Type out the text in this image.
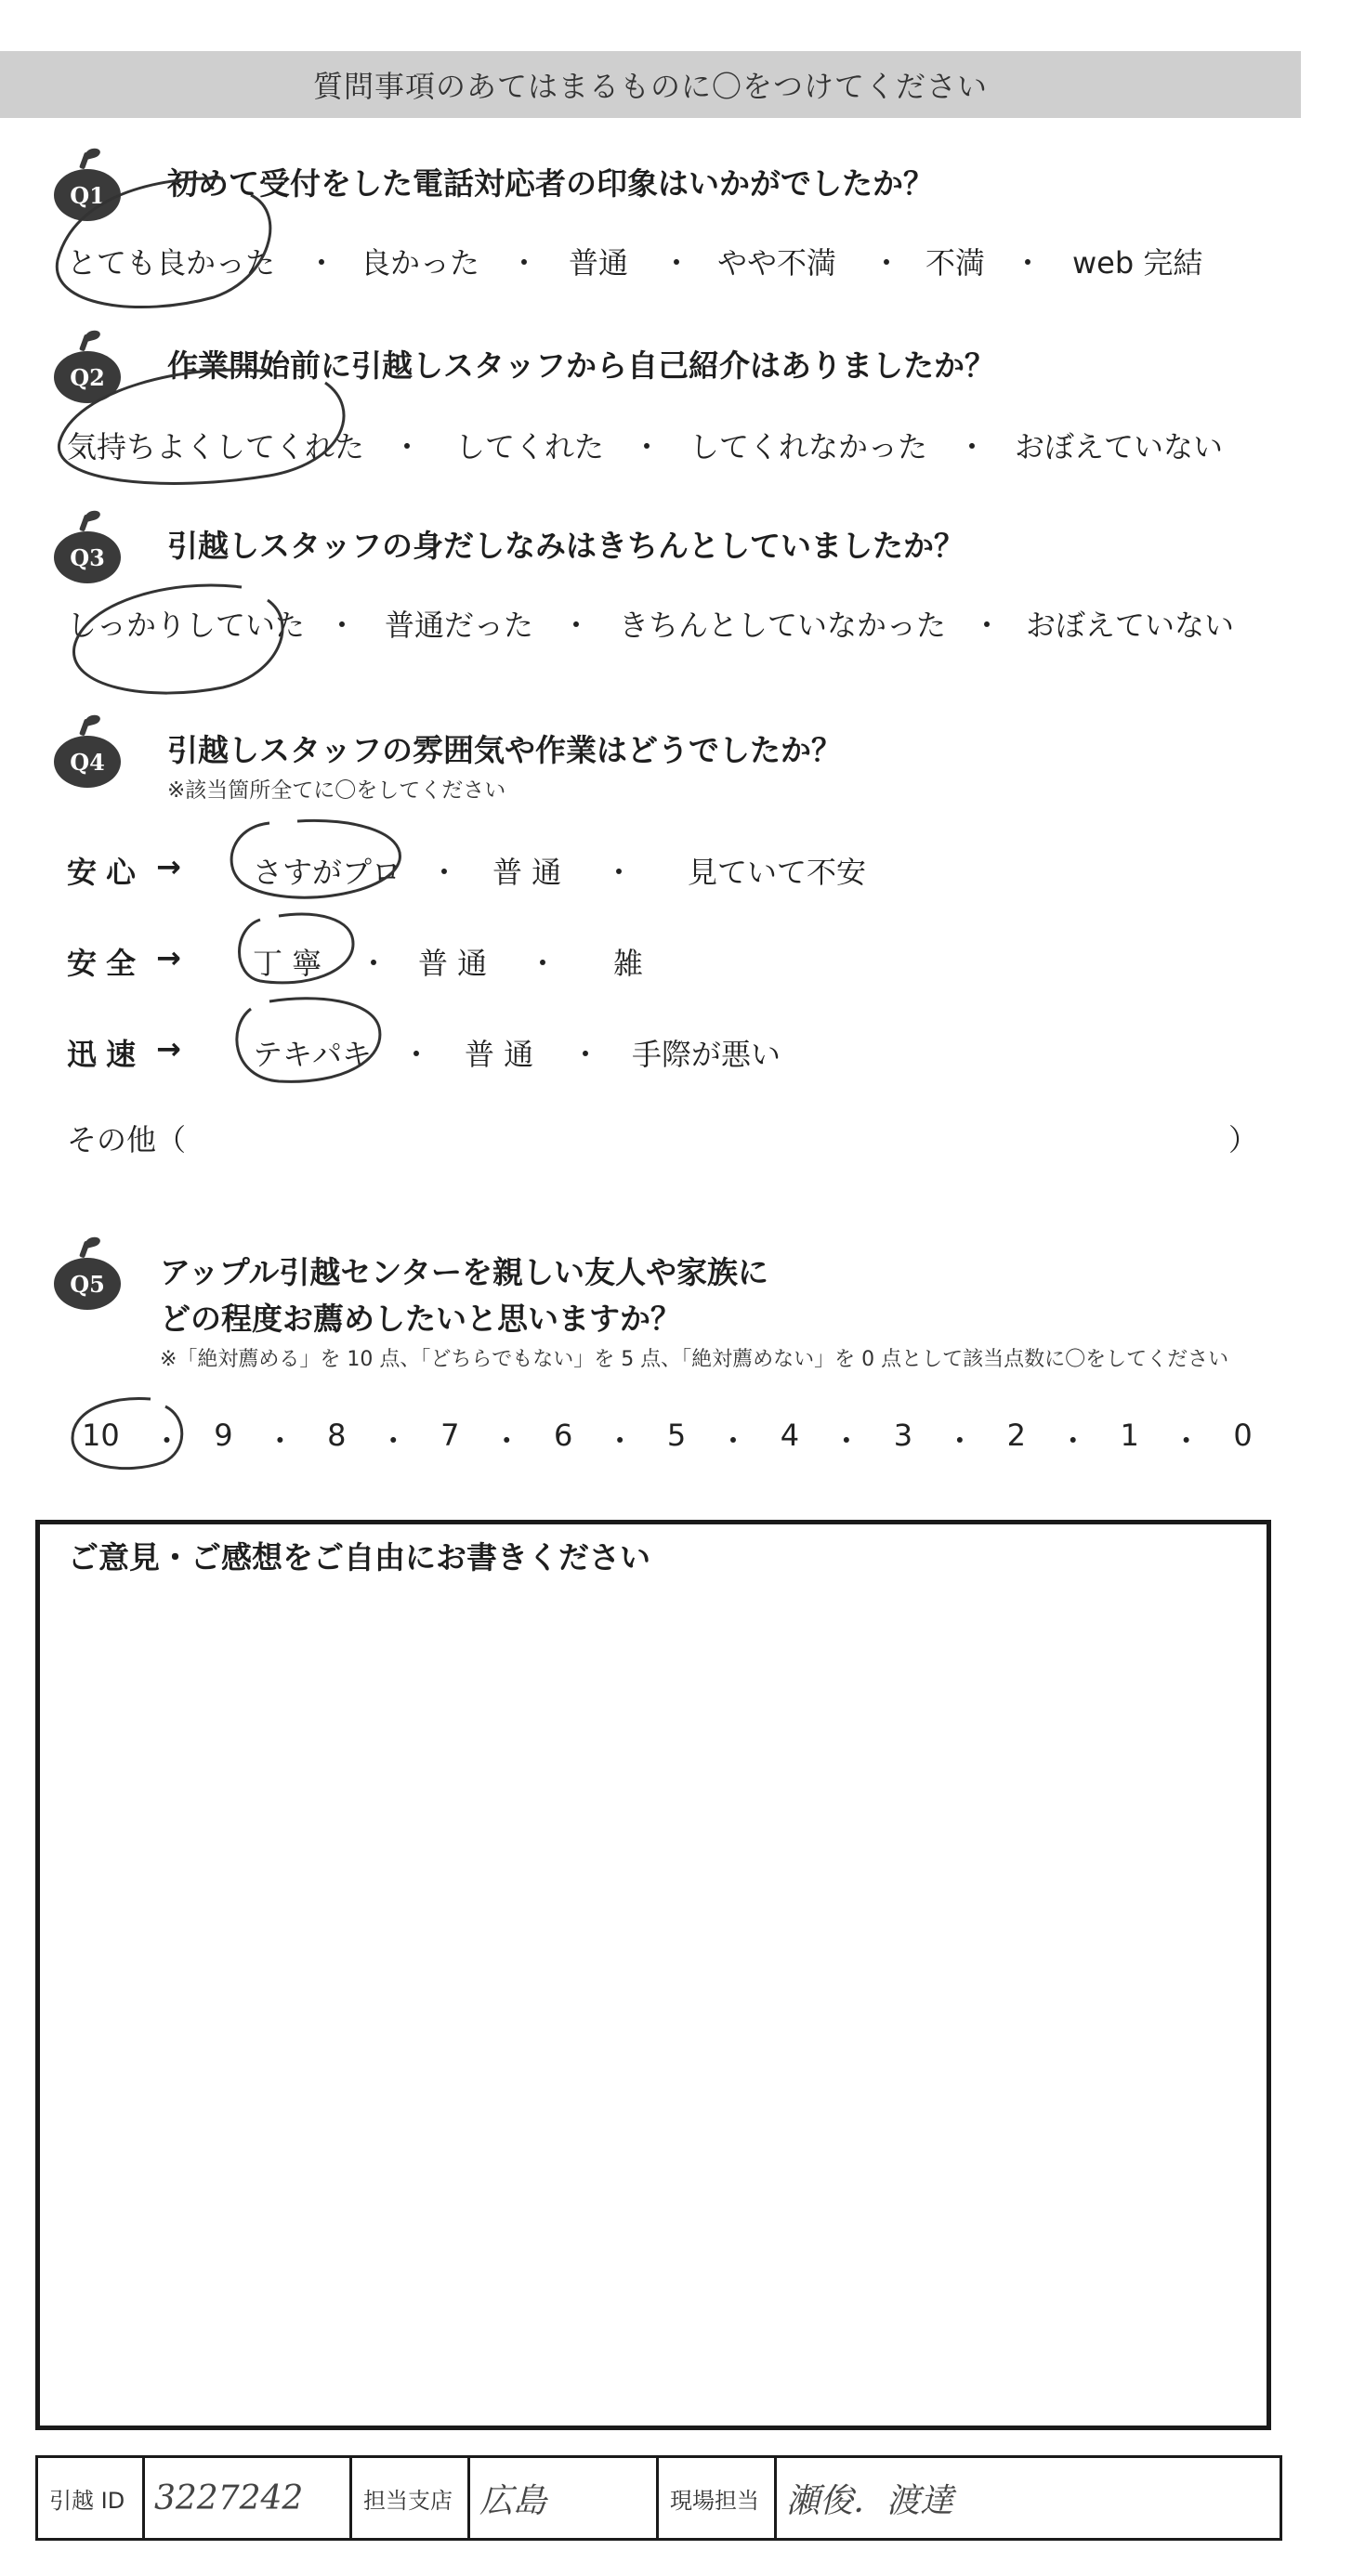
質問事項のあてはまるものに〇をつけてください
Q1 初めて受付をした電話対応者の印象はいかがでしたか？
とても良かった ・ 良かった ・ 普通 ・ やや不満 ・ 不満 ・ web 完結
Q2 作業開始前に引越しスタッフから自己紹介はありましたか？
気持ちよくしてくれた ・ してくれた ・ してくれなかった ・ おぼえていない
Q3 引越しスタッフの身だしなみはきちんとしていましたか？
しっかりしていた ・ 普通だった ・ きちんとしていなかった ・ おぼえていない
Q4 引越しスタッフの雰囲気や作業はどうでしたか？
※該当箇所全てに〇をしてください
安心 → さすがプロ ・ 普 通 ・ 見ていて不安
安全 → 丁 寧 ・ 普 通 ・ 雑
迅速 → テキパキ ・ 普 通 ・ 手際が悪い
その他（	）
Q5 アップル引越センターを親しい友人や家族に
どの程度お薦めしたいと思いますか？
※「絶対薦める」を 10 点、「どちらでもない」を 5 点、「絶対薦めない」を 0 点として該当点数に〇をしてください
10 ・ 9 ・ 8 ・ 7 ・ 6 ・ 5 ・ 4 ・ 3 ・ 2 ・ 1 ・ 0
ご意見・ご感想をご自由にお書きください
引越 ID 3227242	担当支店 広島	現場担当 瀬俊．渡達
